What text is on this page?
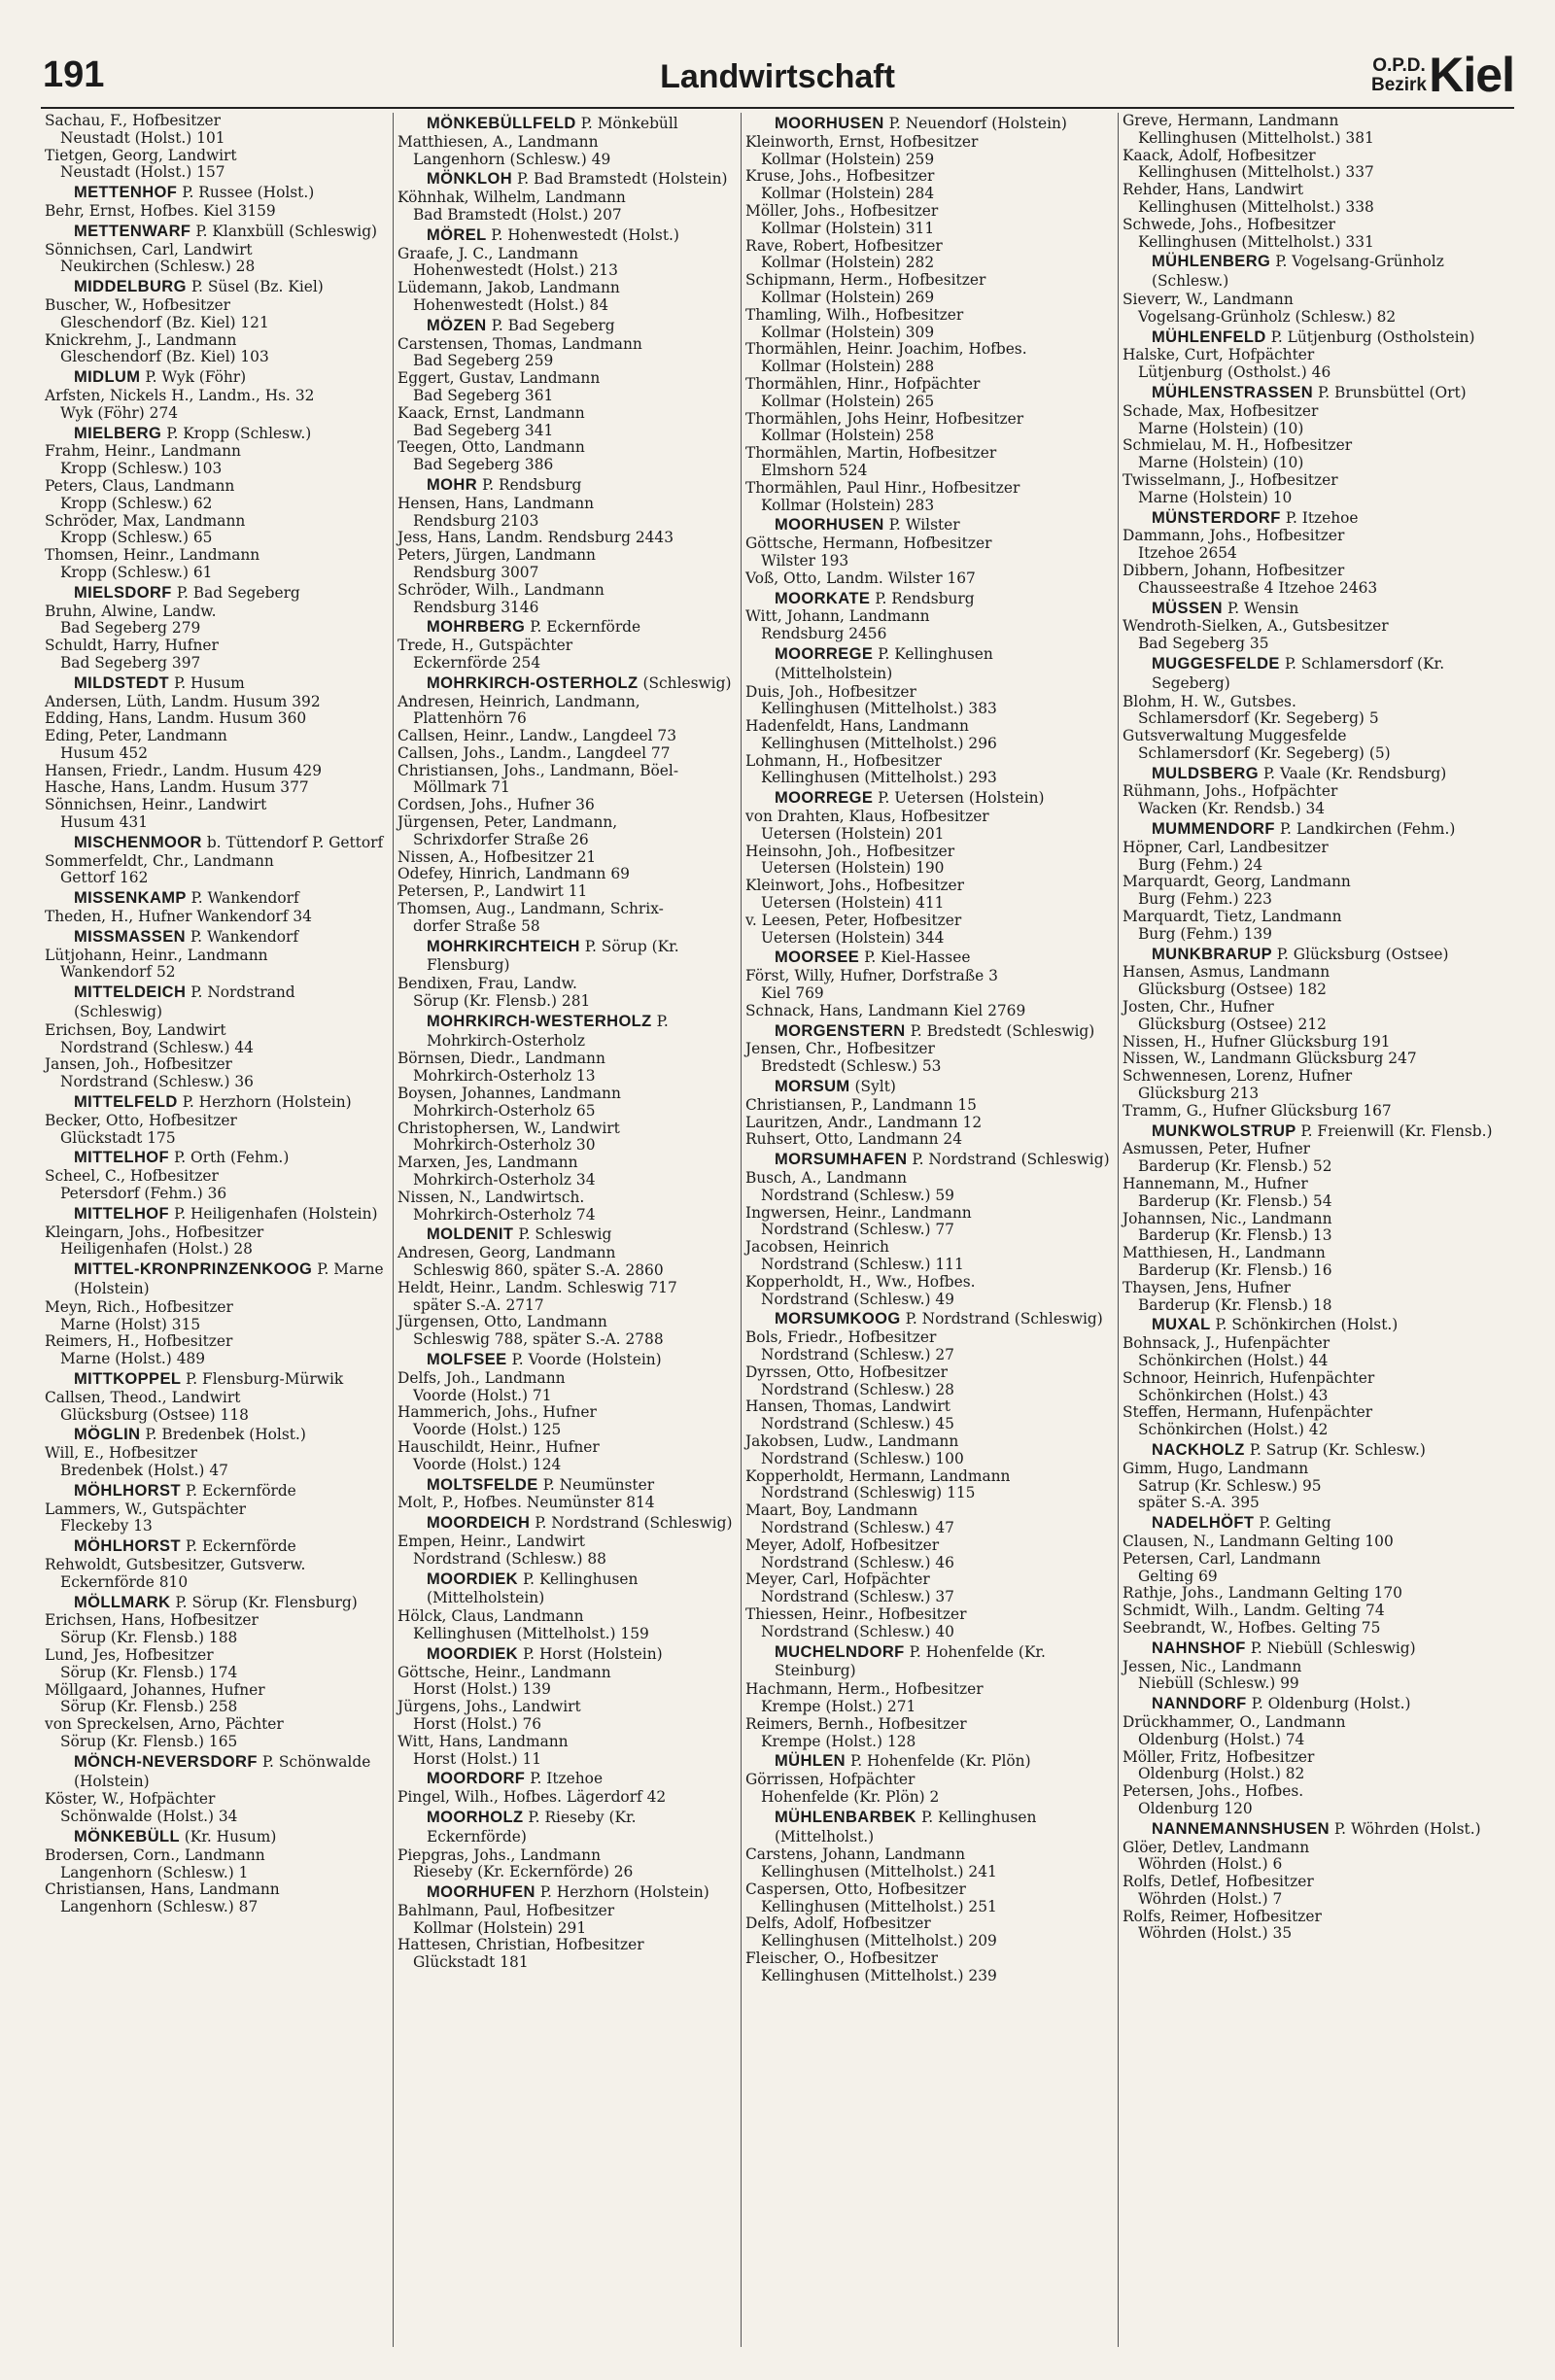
191	Landwirtschaft	O.P.D.
Bezirk Kiel
Sachau, F., Hofbesitzer
Neustadt (Holst.) 101
Tietgen, Georg, Landwirt
Neustadt (Holst.) 157
METTENHOF P. Russee (Holst.)
Behr, Ernst, Hofbes. Kiel 3159
METTENWARF P. Klanxbüll (Schleswig)
Sönnichsen, Carl, Landwirt
Neukirchen (Schlesw.) 28
MIDDELBURG P. Süsel (Bz. Kiel)
Buscher, W., Hofbesitzer
Gleschendorf (Bz. Kiel) 121
Knickrehm, J., Landmann
Gleschendorf (Bz. Kiel) 103
MIDLUM P. Wyk (Föhr)
Arfsten, Nickels H., Landm., Hs. 32
Wyk (Föhr) 274
MIELBERG P. Kropp (Schlesw.)
Frahm, Heinr., Landmann
Kropp (Schlesw.) 103
Peters, Claus, Landmann
Kropp (Schlesw.) 62
Schröder, Max, Landmann
Kropp (Schlesw.) 65
Thomsen, Heinr., Landmann
Kropp (Schlesw.) 61
MIELSDORF P. Bad Segeberg
Bruhn, Alwine, Landw.
Bad Segeberg 279
Schuldt, Harry, Hufner
Bad Segeberg 397
MILDSTEDT P. Husum
Andersen, Lüth, Landm. Husum 392
Edding, Hans, Landm. Husum 360
Eding, Peter, Landmann
Husum 452
Hansen, Friedr., Landm. Husum 429
Hasche, Hans, Landm. Husum 377
Sönnichsen, Heinr., Landwirt
Husum 431
MISCHENMOOR b. Tüttendorf P. Gettorf
Sommerfeldt, Chr., Landmann
Gettorf 162
MISSENKAMP P. Wankendorf
Theden, H., Hufner Wankendorf 34
MISSMASSEN P. Wankendorf
Lütjohann, Heinr., Landmann
Wankendorf 52
MITTELDEICH P. Nordstrand (Schleswig)
Erichsen, Boy, Landwirt
Nordstrand (Schlesw.) 44
Jansen, Joh., Hofbesitzer
Nordstrand (Schlesw.) 36
MITTELFELD P. Herzhorn (Holstein)
Becker, Otto, Hofbesitzer
Glückstadt 175
MITTELHOF P. Orth (Fehm.)
Scheel, C., Hofbesitzer
Petersdorf (Fehm.) 36
MITTELHOF P. Heiligenhafen (Holstein)
Kleingarn, Johs., Hofbesitzer
Heiligenhafen (Holst.) 28
MITTEL-KRONPRINZENKOOG P. Marne (Holstein)
Meyn, Rich., Hofbesitzer
Marne (Holst) 315
Reimers, H., Hofbesitzer
Marne (Holst.) 489
MITTKOPPEL P. Flensburg-Mürwik
Callsen, Theod., Landwirt
Glücksburg (Ostsee) 118
MÖGLIN P. Bredenbek (Holst.)
Will, E., Hofbesitzer
Bredenbek (Holst.) 47
MÖHLHORST P. Eckernförde
Lammers, W., Gutspächter
Fleckeby 13
MÖHLHORST P. Eckernförde
Rehwoldt, Gutsbesitzer, Gutsverw.
Eckernförde 810
MÖLLMARK P. Sörup (Kr. Flensburg)
Erichsen, Hans, Hofbesitzer
Sörup (Kr. Flensb.) 188
Lund, Jes, Hofbesitzer
Sörup (Kr. Flensb.) 174
Möllgaard, Johannes, Hufner
Sörup (Kr. Flensb.) 258
von Spreckelsen, Arno, Pächter
Sörup (Kr. Flensb.) 165
MÖNCH-NEVERSDORF P. Schönwalde (Holstein)
Köster, W., Hofpächter
Schönwalde (Holst.) 34
MÖNKEBÜLL (Kr. Husum)
Brodersen, Corn., Landmann
Langenhorn (Schlesw.) 1
Christiansen, Hans, Landmann
Langenhorn (Schlesw.) 87
MÖNKEBÜLLFELD P. Mönkebüll
Matthiesen, A., Landmann
Langenhorn (Schlesw.) 49
MÖNKLOH P. Bad Bramstedt (Holstein)
Köhnhak, Wilhelm, Landmann
Bad Bramstedt (Holst.) 207
MÖREL P. Hohenwestedt (Holst.)
Graafe, J. C., Landmann
Hohenwestedt (Holst.) 213
Lüdemann, Jakob, Landmann
Hohenwestedt (Holst.) 84
MÖZEN P. Bad Segeberg
Carstensen, Thomas, Landmann
Bad Segeberg 259
Eggert, Gustav, Landmann
Bad Segeberg 361
Kaack, Ernst, Landmann
Bad Segeberg 341
Teegen, Otto, Landmann
Bad Segeberg 386
MOHR P. Rendsburg
Hensen, Hans, Landmann
Rendsburg 2103
Jess, Hans, Landm. Rendsburg 2443
Peters, Jürgen, Landmann
Rendsburg 3007
Schröder, Wilh., Landmann
Rendsburg 3146
MOHRBERG P. Eckernförde
Trede, H., Gutspächter
Eckernförde 254
MOHRKIRCH-OSTERHOLZ (Schleswig)
Andresen, Heinrich, Landmann,
Plattenhörn 76
Callsen, Heinr., Landw., Langdeel 73
Callsen, Johs., Landm., Langdeel 77
Christiansen, Johs., Landmann, Böel-
Möllmark 71
Cordsen, Johs., Hufner 36
Jürgensen, Peter, Landmann,
Schrixdorfer Straße 26
Nissen, A., Hofbesitzer 21
Odefey, Hinrich, Landmann 69
Petersen, P., Landwirt 11
Thomsen, Aug., Landmann, Schrix-
dorfer Straße 58
MOHRKIRCHTEICH P. Sörup (Kr. Flensburg)
Bendixen, Frau, Landw.
Sörup (Kr. Flensb.) 281
MOHRKIRCH-WESTERHOLZ P. Mohrkirch-Osterholz
Börnsen, Diedr., Landmann
Mohrkirch-Osterholz 13
Boysen, Johannes, Landmann
Mohrkirch-Osterholz 65
Christophersen, W., Landwirt
Mohrkirch-Osterholz 30
Marxen, Jes, Landmann
Mohrkirch-Osterholz 34
Nissen, N., Landwirtsch.
Mohrkirch-Osterholz 74
MOLDENIT P. Schleswig
Andresen, Georg, Landmann
Schleswig 860, später S.-A. 2860
Heldt, Heinr., Landm. Schleswig 717
später S.-A. 2717
Jürgensen, Otto, Landmann
Schleswig 788, später S.-A. 2788
MOLFSEE P. Voorde (Holstein)
Delfs, Joh., Landmann
Voorde (Holst.) 71
Hammerich, Johs., Hufner
Voorde (Holst.) 125
Hauschildt, Heinr., Hufner
Voorde (Holst.) 124
MOLTSFELDE P. Neumünster
Molt, P., Hofbes. Neumünster 814
MOORDEICH P. Nordstrand (Schleswig)
Empen, Heinr., Landwirt
Nordstrand (Schlesw.) 88
MOORDIEK P. Kellinghusen (Mittelholstein)
Hölck, Claus, Landmann
Kellinghusen (Mittelholst.) 159
MOORDIEK P. Horst (Holstein)
Göttsche, Heinr., Landmann
Horst (Holst.) 139
Jürgens, Johs., Landwirt
Horst (Holst.) 76
Witt, Hans, Landmann
Horst (Holst.) 11
MOORDORF P. Itzehoe
Pingel, Wilh., Hofbes. Lägerdorf 42
MOORHOLZ P. Rieseby (Kr. Eckernförde)
Piepgras, Johs., Landmann
Rieseby (Kr. Eckernförde) 26
MOORHUFEN P. Herzhorn (Holstein)
Bahlmann, Paul, Hofbesitzer
Kollmar (Holstein) 291
Hattesen, Christian, Hofbesitzer
Glückstadt 181
MOORHUSEN P. Neuendorf (Holstein)
Kleinworth, Ernst, Hofbesitzer
Kollmar (Holstein) 259
Kruse, Johs., Hofbesitzer
Kollmar (Holstein) 284
Möller, Johs., Hofbesitzer
Kollmar (Holstein) 311
Rave, Robert, Hofbesitzer
Kollmar (Holstein) 282
Schipmann, Herm., Hofbesitzer
Kollmar (Holstein) 269
Thamling, Wilh., Hofbesitzer
Kollmar (Holstein) 309
Thormählen, Heinr. Joachim, Hofbes.
Kollmar (Holstein) 288
Thormählen, Hinr., Hofpächter
Kollmar (Holstein) 265
Thormählen, Johs Heinr, Hofbesitzer
Kollmar (Holstein) 258
Thormählen, Martin, Hofbesitzer
Elmshorn 524
Thormählen, Paul Hinr., Hofbesitzer
Kollmar (Holstein) 283
MOORHUSEN P. Wilster
Göttsche, Hermann, Hofbesitzer
Wilster 193
Voß, Otto, Landm. Wilster 167
MOORKATE P. Rendsburg
Witt, Johann, Landmann
Rendsburg 2456
MOORREGE P. Kellinghusen (Mittelholstein)
Duis, Joh., Hofbesitzer
Kellinghusen (Mittelholst.) 383
Hadenfeldt, Hans, Landmann
Kellinghusen (Mittelholst.) 296
Lohmann, H., Hofbesitzer
Kellinghusen (Mittelholst.) 293
MOORREGE P. Uetersen (Holstein)
von Drahten, Klaus, Hofbesitzer
Uetersen (Holstein) 201
Heinsohn, Joh., Hofbesitzer
Uetersen (Holstein) 190
Kleinwort, Johs., Hofbesitzer
Uetersen (Holstein) 411
v. Leesen, Peter, Hofbesitzer
Uetersen (Holstein) 344
MOORSEE P. Kiel-Hassee
Först, Willy, Hufner, Dorfstraße 3
Kiel 769
Schnack, Hans, Landmann Kiel 2769
MORGENSTERN P. Bredstedt (Schleswig)
Jensen, Chr., Hofbesitzer
Bredstedt (Schlesw.) 53
MORSUM (Sylt)
Christiansen, P., Landmann 15
Lauritzen, Andr., Landmann 12
Ruhsert, Otto, Landmann 24
MORSUMHAFEN P. Nordstrand (Schleswig)
Busch, A., Landmann
Nordstrand (Schlesw.) 59
Ingwersen, Heinr., Landmann
Nordstrand (Schlesw.) 77
Jacobsen, Heinrich
Nordstrand (Schlesw.) 111
Kopperholdt, H., Ww., Hofbes.
Nordstrand (Schlesw.) 49
MORSUMKOOG P. Nordstrand (Schleswig)
Bols, Friedr., Hofbesitzer
Nordstrand (Schlesw.) 27
Dyrssen, Otto, Hofbesitzer
Nordstrand (Schlesw.) 28
Hansen, Thomas, Landwirt
Nordstrand (Schlesw.) 45
Jakobsen, Ludw., Landmann
Nordstrand (Schlesw.) 100
Kopperholdt, Hermann, Landmann
Nordstrand (Schleswig) 115
Maart, Boy, Landmann
Nordstrand (Schlesw.) 47
Meyer, Adolf, Hofbesitzer
Nordstrand (Schlesw.) 46
Meyer, Carl, Hofpächter
Nordstrand (Schlesw.) 37
Thiessen, Heinr., Hofbesitzer
Nordstrand (Schlesw.) 40
MUCHELNDORF P. Hohenfelde (Kr. Steinburg)
Hachmann, Herm., Hofbesitzer
Krempe (Holst.) 271
Reimers, Bernh., Hofbesitzer
Krempe (Holst.) 128
MÜHLEN P. Hohenfelde (Kr. Plön)
Görrissen, Hofpächter
Hohenfelde (Kr. Plön) 2
MÜHLENBARBEK P. Kellinghusen (Mittelholst.)
Carstens, Johann, Landmann
Kellinghusen (Mittelholst.) 241
Caspersen, Otto, Hofbesitzer
Kellinghusen (Mittelholst.) 251
Delfs, Adolf, Hofbesitzer
Kellinghusen (Mittelholst.) 209
Fleischer, O., Hofbesitzer
Kellinghusen (Mittelholst.) 239
Greve, Hermann, Landmann
Kellinghusen (Mittelholst.) 381
Kaack, Adolf, Hofbesitzer
Kellinghusen (Mittelholst.) 337
Rehder, Hans, Landwirt
Kellinghusen (Mittelholst.) 338
Schwede, Johs., Hofbesitzer
Kellinghusen (Mittelholst.) 331
MÜHLENBERG P. Vogelsang-Grünholz (Schlesw.)
Sieverr, W., Landmann
Vogelsang-Grünholz (Schlesw.) 82
MÜHLENFELD P. Lütjenburg (Ostholstein)
Halske, Curt, Hofpächter
Lütjenburg (Ostholst.) 46
MÜHLENSTRASSEN P. Brunsbüttel (Ort)
Schade, Max, Hofbesitzer
Marne (Holstein) (10)
Schmielau, M. H., Hofbesitzer
Marne (Holstein) (10)
Twisselmann, J., Hofbesitzer
Marne (Holstein) 10
MÜNSTERDORF P. Itzehoe
Dammann, Johs., Hofbesitzer
Itzehoe 2654
Dibbern, Johann, Hofbesitzer
Chausseestraße 4 Itzehoe 2463
MÜSSEN P. Wensin
Wendroth-Sielken, A., Gutsbesitzer
Bad Segeberg 35
MUGGESFELDE P. Schlamersdorf (Kr. Segeberg)
Blohm, H. W., Gutsbes.
Schlamersdorf (Kr. Segeberg) 5
Gutsverwaltung Muggesfelde
Schlamersdorf (Kr. Segeberg) (5)
MULDSBERG P. Vaale (Kr. Rendsburg)
Rühmann, Johs., Hofpächter
Wacken (Kr. Rendsb.) 34
MUMMENDORF P. Landkirchen (Fehm.)
Höpner, Carl, Landbesitzer
Burg (Fehm.) 24
Marquardt, Georg, Landmann
Burg (Fehm.) 223
Marquardt, Tietz, Landmann
Burg (Fehm.) 139
MUNKBRARUP P. Glücksburg (Ostsee)
Hansen, Asmus, Landmann
Glücksburg (Ostsee) 182
Josten, Chr., Hufner
Glücksburg (Ostsee) 212
Nissen, H., Hufner Glücksburg 191
Nissen, W., Landmann Glücksburg 247
Schwennesen, Lorenz, Hufner
Glücksburg 213
Tramm, G., Hufner Glücksburg 167
MUNKWOLSTRUP P. Freienwill (Kr. Flensb.)
Asmussen, Peter, Hufner
Barderup (Kr. Flensb.) 52
Hannemann, M., Hufner
Barderup (Kr. Flensb.) 54
Johannsen, Nic., Landmann
Barderup (Kr. Flensb.) 13
Matthiesen, H., Landmann
Barderup (Kr. Flensb.) 16
Thaysen, Jens, Hufner
Barderup (Kr. Flensb.) 18
MUXAL P. Schönkirchen (Holst.)
Bohnsack, J., Hufenpächter
Schönkirchen (Holst.) 44
Schnoor, Heinrich, Hufenpächter
Schönkirchen (Holst.) 43
Steffen, Hermann, Hufenpächter
Schönkirchen (Holst.) 42
NACKHOLZ P. Satrup (Kr. Schlesw.)
Gimm, Hugo, Landmann
Satrup (Kr. Schlesw.) 95
später S.-A. 395
NADELHÖFT P. Gelting
Clausen, N., Landmann Gelting 100
Petersen, Carl, Landmann
Gelting 69
Rathje, Johs., Landmann Gelting 170
Schmidt, Wilh., Landm. Gelting 74
Seebrandt, W., Hofbes. Gelting 75
NAHNSHOF P. Niebüll (Schleswig)
Jessen, Nic., Landmann
Niebüll (Schlesw.) 99
NANNDORF P. Oldenburg (Holst.)
Drückhammer, O., Landmann
Oldenburg (Holst.) 74
Möller, Fritz, Hofbesitzer
Oldenburg (Holst.) 82
Petersen, Johs., Hofbes.
Oldenburg 120
NANNEMANNSHUSEN P. Wöhrden (Holst.)
Glöer, Detlev, Landmann
Wöhrden (Holst.) 6
Rolfs, Detlef, Hofbesitzer
Wöhrden (Holst.) 7
Rolfs, Reimer, Hofbesitzer
Wöhrden (Holst.) 35
